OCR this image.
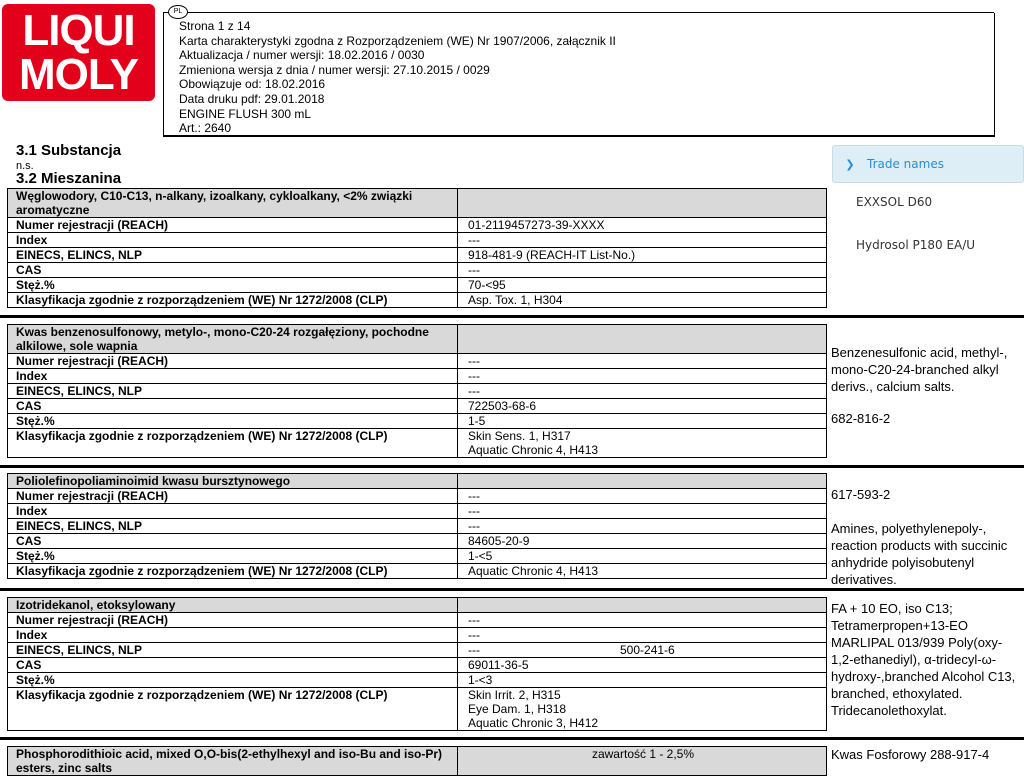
LIQUI
MOLY
PL
Strona 1 z 14
Karta charakterystyki zgodna z Rozporządzeniem (WE) Nr 1907/2006, załącznik II
Aktualizacja / numer wersji: 18.02.2016 / 0030
Zmieniona wersja z dnia / numer wersji: 27.10.2015 / 0029
Obowiązuje od: 18.02.2016
Data druku pdf: 29.01.2018
ENGINE FLUSH 300 mL
Art.: 2640
3.1 Substancja
n.s.
3.2 Mieszanina
❯	Trade names
EXXSOL D60
Hydrosol P180 EA/U
Węglowodory, C10-C13, n-alkany, izoalkany, cykloalkany, <2% związki aromatyczne	
Numer rejestracji (REACH)	01-2119457273-39-XXXX
Index	---
EINECS, ELINCS, NLP	918-481-9 (REACH-IT List-No.)
CAS	---
Stęż.%	70-<95
Klasyfikacja zgodnie z rozporządzeniem (WE) Nr 1272/2008 (CLP)	Asp. Tox. 1, H304
Kwas benzenosulfonowy, metylo-, mono-C20-24 rozgałęziony, pochodne alkilowe, sole wapnia	
Numer rejestracji (REACH)	---
Index	---
EINECS, ELINCS, NLP	---
CAS	722503-68-6
Stęż.%	1-5
Klasyfikacja zgodnie z rozporządzeniem (WE) Nr 1272/2008 (CLP)	Skin Sens. 1, H317
Aquatic Chronic 4, H413
Benzenesulfonic acid, methyl-, mono-C20-24-branched alkyl derivs., calcium salts.
682-816-2
Poliolefinopoliaminoimid kwasu bursztynowego	
Numer rejestracji (REACH)	---
Index	---
EINECS, ELINCS, NLP	---
CAS	84605-20-9
Stęż.%	1-<5
Klasyfikacja zgodnie z rozporządzeniem (WE) Nr 1272/2008 (CLP)	Aquatic Chronic 4, H413
617-593-2
Amines, polyethylenepoly-, reaction products with succinic anhydride polyisobutenyl derivatives.
Izotridekanol, etoksylowany	
Numer rejestracji (REACH)	---
Index	---
EINECS, ELINCS, NLP	--- 500-241-6
CAS	69011-36-5
Stęż.%	1-<3
Klasyfikacja zgodnie z rozporządzeniem (WE) Nr 1272/2008 (CLP)	Skin Irrit. 2, H315
Eye Dam. 1, H318
Aquatic Chronic 3, H412
FA + 10 EO, iso C13; Tetramerpropen+13-EO MARLIPAL 013/939 Poly(oxy-1,2-ethanediyl), α-tridecyl-ω-hydroxy-,branched Alcohol C13, branched, ethoxylated. Tridecanolethoxylat.
Phosphorodithioic acid, mixed O,O-bis(2-ethylhexyl and iso-Bu and iso-Pr) esters, zinc salts	zawartość 1 - 2,5%	Kwas Fosforowy 288-917-4
